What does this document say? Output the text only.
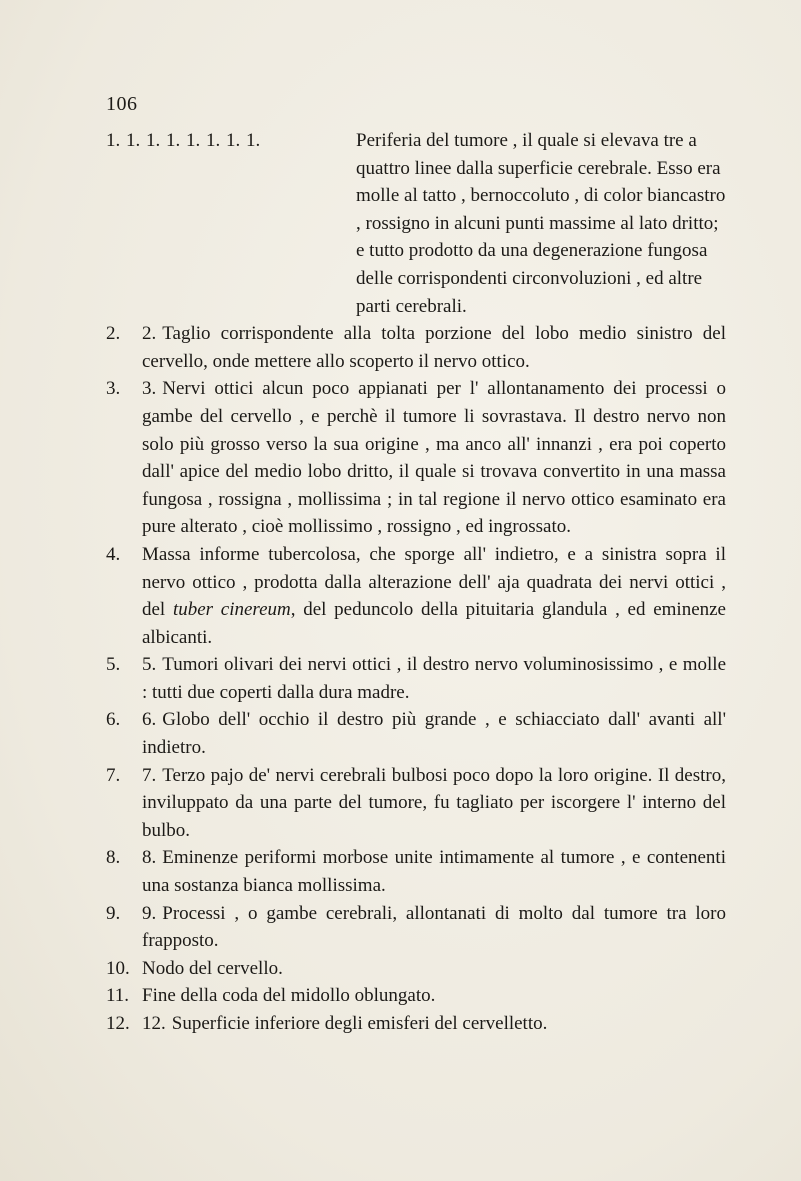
106
1. 1. 1. 1. 1. 1. 1. 1.	Periferia del tumore , il quale si elevava tre a quattro linee dalla superficie cerebrale. Esso era molle al tatto , bernoccoluto , di color biancastro , rossigno in alcuni punti massime al lato dritto; e tutto prodotto da una degenerazione fungosa delle corrispondenti circonvoluzioni , ed altre parti cerebrali.
2.	2. Taglio corrispondente alla tolta porzione del lobo medio sinistro del cervello, onde mettere allo scoperto il nervo ottico.
3.	3. Nervi ottici alcun poco appianati per l' allontanamento dei processi o gambe del cervello , e perchè il tumore li sovrastava. Il destro nervo non solo più grosso verso la sua origine , ma anco all' innanzi , era poi coperto dall' apice del medio lobo dritto, il quale si trovava convertito in una massa fungosa , rossigna , mollissima ; in tal regione il nervo ottico esaminato era pure alterato , cioè mollissimo , rossigno , ed ingrossato.
4.	Massa informe tubercolosa, che sporge all' indietro, e a sinistra sopra il nervo ottico , prodotta dalla alterazione dell' aja quadrata dei nervi ottici , del tuber cinereum, del peduncolo della pituitaria glandula , ed eminenze albicanti.
5.	5. Tumori olivari dei nervi ottici , il destro nervo voluminosissimo , e molle : tutti due coperti dalla dura madre.
6.	6. Globo dell' occhio il destro più grande , e schiacciato dall' avanti all' indietro.
7.	7. Terzo pajo de' nervi cerebrali bulbosi poco dopo la loro origine. Il destro, inviluppato da una parte del tumore, fu tagliato per iscorgere l' interno del bulbo.
8.	8. Eminenze periformi morbose unite intimamente al tumore , e contenenti una sostanza bianca mollissima.
9.	9. Processi , o gambe cerebrali, allontanati di molto dal tumore tra loro frapposto.
10. Nodo del cervello.
11. Fine della coda del midollo oblungato.
12. 12. Superficie inferiore degli emisferi del cervelletto.
